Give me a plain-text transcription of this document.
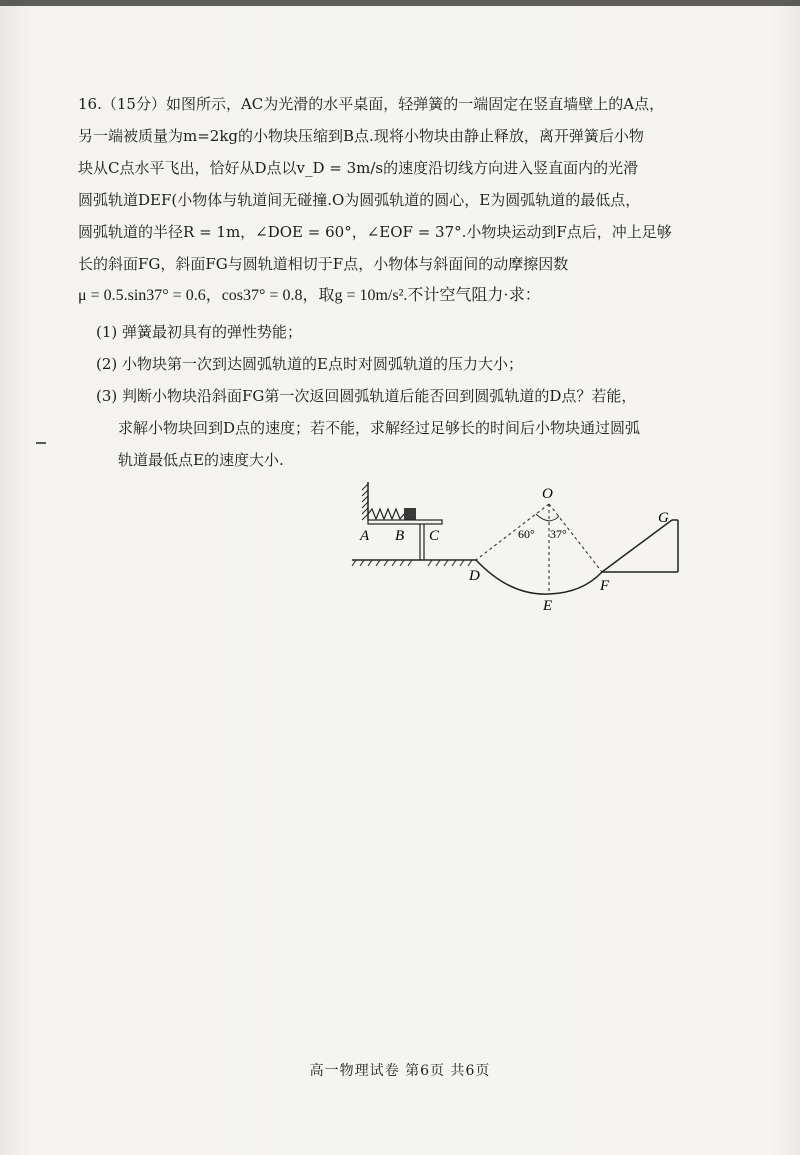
16.（15分）如图所示，AC为光滑的水平桌面，轻弹簧的一端固定在竖直墙壁上的A点，
另一端被质量为m=2kg的小物块压缩到B点.现将小物块由静止释放，离开弹簧后小物
块从C点水平飞出，恰好从D点以v_D = 3m/s的速度沿切线方向进入竖直面内的光滑
圆弧轨道DEF(小物体与轨道间无碰撞.O为圆弧轨道的圆心，E为圆弧轨道的最低点，
圆弧轨道的半径R = 1m，∠DOE = 60°，∠EOF = 37°.小物块运动到F点后，冲上足够
长的斜面FG，斜面FG与圆轨道相切于F点，小物体与斜面间的动摩擦因数
μ = 0.5.sin37° = 0.6，cos37° = 0.8，取g = 10m/s².不计空气阻力·求：
(1) 弹簧最初具有的弹性势能；
(2) 小物块第一次到达圆弧轨道的E点时对圆弧轨道的压力大小；
(3) 判断小物块沿斜面FG第一次返回圆弧轨道后能否回到圆弧轨道的D点？若能，
求解小物块回到D点的速度；若不能，求解经过足够长的时间后小物块通过圆弧
轨道最低点E的速度大小.
A B C
O
D
E
F
G
60° 37°
高一物理试卷 第6页 共6页
